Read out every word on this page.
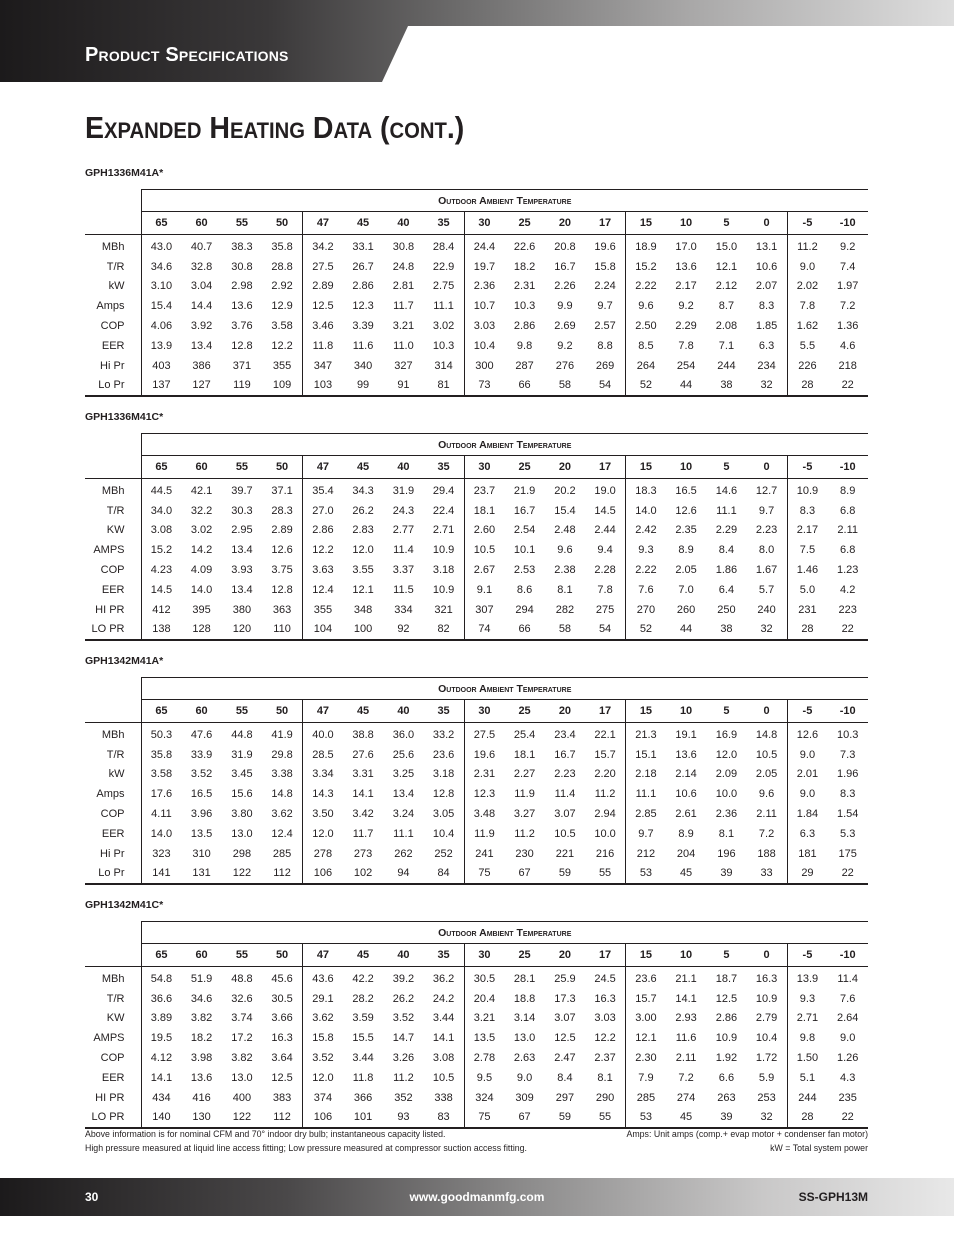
Product Specifications
Expanded Heating Data (cont.)
GPH1336M41A*
	Outdoor Ambient Temperature																	
	65	60	55	50	47	45	40	35	30	25	20	17	15	10	5	0	-5	-10
MBh	43.0	40.7	38.3	35.8	34.2	33.1	30.8	28.4	24.4	22.6	20.8	19.6	18.9	17.0	15.0	13.1	11.2	9.2
T/R	34.6	32.8	30.8	28.8	27.5	26.7	24.8	22.9	19.7	18.2	16.7	15.8	15.2	13.6	12.1	10.6	9.0	7.4
kW	3.10	3.04	2.98	2.92	2.89	2.86	2.81	2.75	2.36	2.31	2.26	2.24	2.22	2.17	2.12	2.07	2.02	1.97
Amps	15.4	14.4	13.6	12.9	12.5	12.3	11.7	11.1	10.7	10.3	9.9	9.7	9.6	9.2	8.7	8.3	7.8	7.2
COP	4.06	3.92	3.76	3.58	3.46	3.39	3.21	3.02	3.03	2.86	2.69	2.57	2.50	2.29	2.08	1.85	1.62	1.36
EER	13.9	13.4	12.8	12.2	11.8	11.6	11.0	10.3	10.4	9.8	9.2	8.8	8.5	7.8	7.1	6.3	5.5	4.6
Hi Pr	403	386	371	355	347	340	327	314	300	287	276	269	264	254	244	234	226	218
Lo Pr	137	127	119	109	103	99	91	81	73	66	58	54	52	44	38	32	28	22
GPH1336M41C*
	Outdoor Ambient Temperature																	
	65	60	55	50	47	45	40	35	30	25	20	17	15	10	5	0	-5	-10
MBh	44.5	42.1	39.7	37.1	35.4	34.3	31.9	29.4	23.7	21.9	20.2	19.0	18.3	16.5	14.6	12.7	10.9	8.9
T/R	34.0	32.2	30.3	28.3	27.0	26.2	24.3	22.4	18.1	16.7	15.4	14.5	14.0	12.6	11.1	9.7	8.3	6.8
KW	3.08	3.02	2.95	2.89	2.86	2.83	2.77	2.71	2.60	2.54	2.48	2.44	2.42	2.35	2.29	2.23	2.17	2.11
AMPS	15.2	14.2	13.4	12.6	12.2	12.0	11.4	10.9	10.5	10.1	9.6	9.4	9.3	8.9	8.4	8.0	7.5	6.8
COP	4.23	4.09	3.93	3.75	3.63	3.55	3.37	3.18	2.67	2.53	2.38	2.28	2.22	2.05	1.86	1.67	1.46	1.23
EER	14.5	14.0	13.4	12.8	12.4	12.1	11.5	10.9	9.1	8.6	8.1	7.8	7.6	7.0	6.4	5.7	5.0	4.2
HI PR	412	395	380	363	355	348	334	321	307	294	282	275	270	260	250	240	231	223
LO PR	138	128	120	110	104	100	92	82	74	66	58	54	52	44	38	32	28	22
GPH1342M41A*
	Outdoor Ambient Temperature																	
	65	60	55	50	47	45	40	35	30	25	20	17	15	10	5	0	-5	-10
MBh	50.3	47.6	44.8	41.9	40.0	38.8	36.0	33.2	27.5	25.4	23.4	22.1	21.3	19.1	16.9	14.8	12.6	10.3
T/R	35.8	33.9	31.9	29.8	28.5	27.6	25.6	23.6	19.6	18.1	16.7	15.7	15.1	13.6	12.0	10.5	9.0	7.3
kW	3.58	3.52	3.45	3.38	3.34	3.31	3.25	3.18	2.31	2.27	2.23	2.20	2.18	2.14	2.09	2.05	2.01	1.96
Amps	17.6	16.5	15.6	14.8	14.3	14.1	13.4	12.8	12.3	11.9	11.4	11.2	11.1	10.6	10.0	9.6	9.0	8.3
COP	4.11	3.96	3.80	3.62	3.50	3.42	3.24	3.05	3.48	3.27	3.07	2.94	2.85	2.61	2.36	2.11	1.84	1.54
EER	14.0	13.5	13.0	12.4	12.0	11.7	11.1	10.4	11.9	11.2	10.5	10.0	9.7	8.9	8.1	7.2	6.3	5.3
Hi Pr	323	310	298	285	278	273	262	252	241	230	221	216	212	204	196	188	181	175
Lo Pr	141	131	122	112	106	102	94	84	75	67	59	55	53	45	39	33	29	22
GPH1342M41C*
	Outdoor Ambient Temperature																	
	65	60	55	50	47	45	40	35	30	25	20	17	15	10	5	0	-5	-10
MBh	54.8	51.9	48.8	45.6	43.6	42.2	39.2	36.2	30.5	28.1	25.9	24.5	23.6	21.1	18.7	16.3	13.9	11.4
T/R	36.6	34.6	32.6	30.5	29.1	28.2	26.2	24.2	20.4	18.8	17.3	16.3	15.7	14.1	12.5	10.9	9.3	7.6
KW	3.89	3.82	3.74	3.66	3.62	3.59	3.52	3.44	3.21	3.14	3.07	3.03	3.00	2.93	2.86	2.79	2.71	2.64
AMPS	19.5	18.2	17.2	16.3	15.8	15.5	14.7	14.1	13.5	13.0	12.5	12.2	12.1	11.6	10.9	10.4	9.8	9.0
COP	4.12	3.98	3.82	3.64	3.52	3.44	3.26	3.08	2.78	2.63	2.47	2.37	2.30	2.11	1.92	1.72	1.50	1.26
EER	14.1	13.6	13.0	12.5	12.0	11.8	11.2	10.5	9.5	9.0	8.4	8.1	7.9	7.2	6.6	5.9	5.1	4.3
HI PR	434	416	400	383	374	366	352	338	324	309	297	290	285	274	263	253	244	235
LO PR	140	130	122	112	106	101	93	83	75	67	59	55	53	45	39	32	28	22
Above information is for nominal CFM and 70° indoor dry bulb; instantaneous capacity listed.
High pressure measured at liquid line access fitting; Low pressure measured at compressor suction access fitting.
Amps: Unit amps (comp.+ evap motor + condenser fan motor)
kW = Total system power
30	www.goodmanmfg.com	SS-GPH13M
